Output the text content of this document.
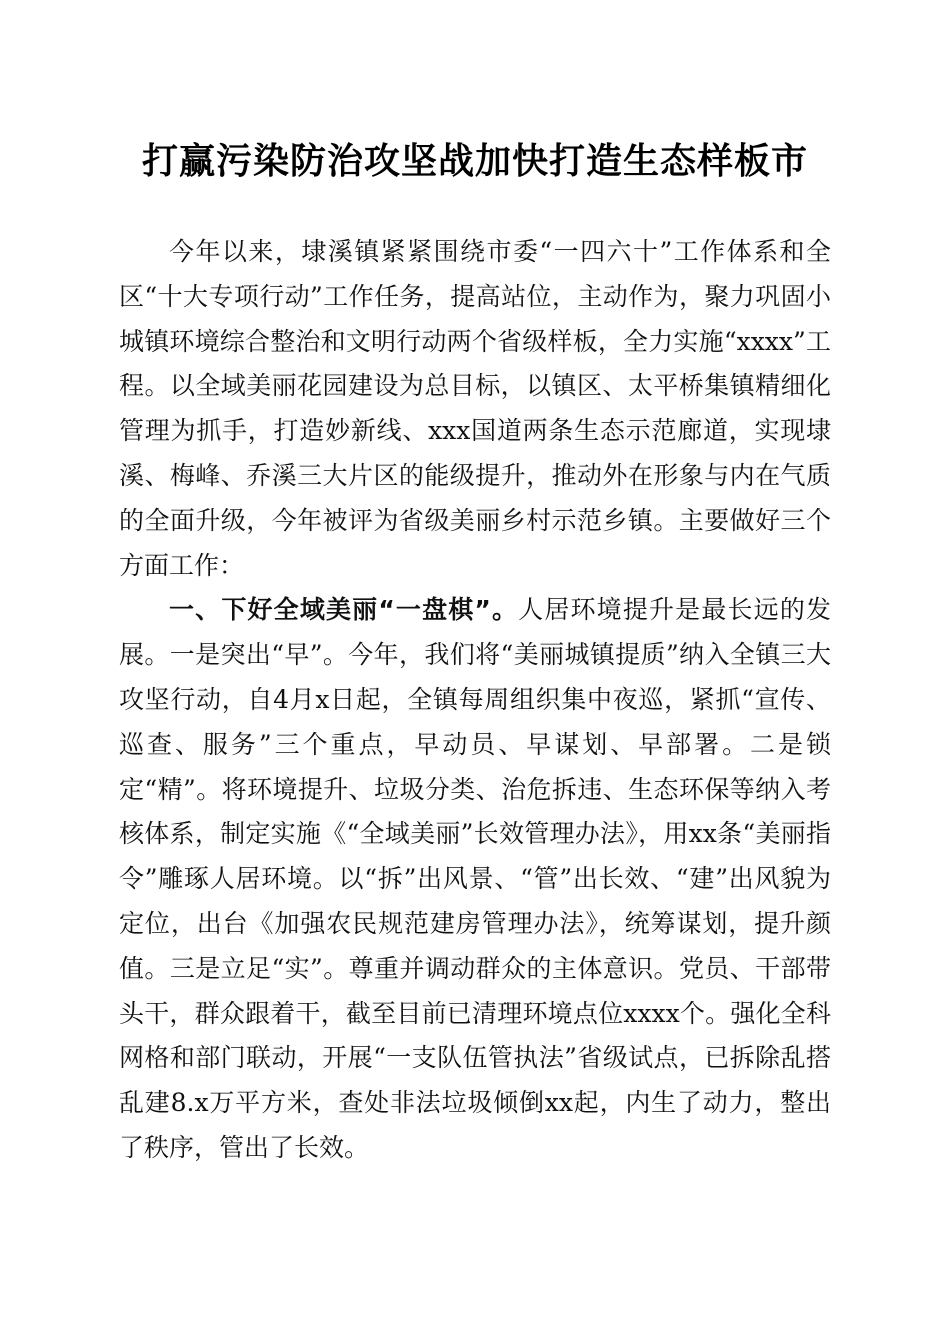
打赢污染防治攻坚战加快打造生态样板市

今年以来，埭溪镇紧紧围绕市委“一四六十”工作体系和全区“十大专项行动”工作任务，提高站位，主动作为，聚力巩固小城镇环境综合整治和文明行动两个省级样板，全力实施“xxxx”工程。以全域美丽花园建设为总目标，以镇区、太平桥集镇精细化管理为抓手，打造妙新线、xxx国道两条生态示范廊道，实现埭溪、梅峰、乔溪三大片区的能级提升，推动外在形象与内在气质的全面升级，今年被评为省级美丽乡村示范乡镇。主要做好三个方面工作：

一、下好全域美丽“一盘棋”。人居环境提升是最长远的发展。一是突出“早”。今年，我们将“美丽城镇提质”纳入全镇三大攻坚行动，自4月x日起，全镇每周组织集中夜巡，紧抓“宣传、巡查、服务”三个重点，早动员、早谋划、早部署。二是锁定“精”。将环境提升、垃圾分类、治危拆违、生态环保等纳入考核体系，制定实施《“全域美丽”长效管理办法》，用xx条“美丽指令”雕琢人居环境。以“拆”出风景、“管”出长效、“建”出风貌为定位，出台《加强农民规范建房管理办法》，统筹谋划，提升颜值。三是立足“实”。尊重并调动群众的主体意识。党员、干部带头干，群众跟着干，截至目前已清理环境点位xxxx个。强化全科网格和部门联动，开展“一支队伍管执法”省级试点，已拆除乱搭乱建8.x万平方米，查处非法垃圾倾倒xx起，内生了动力，整出了秩序，管出了长效。
